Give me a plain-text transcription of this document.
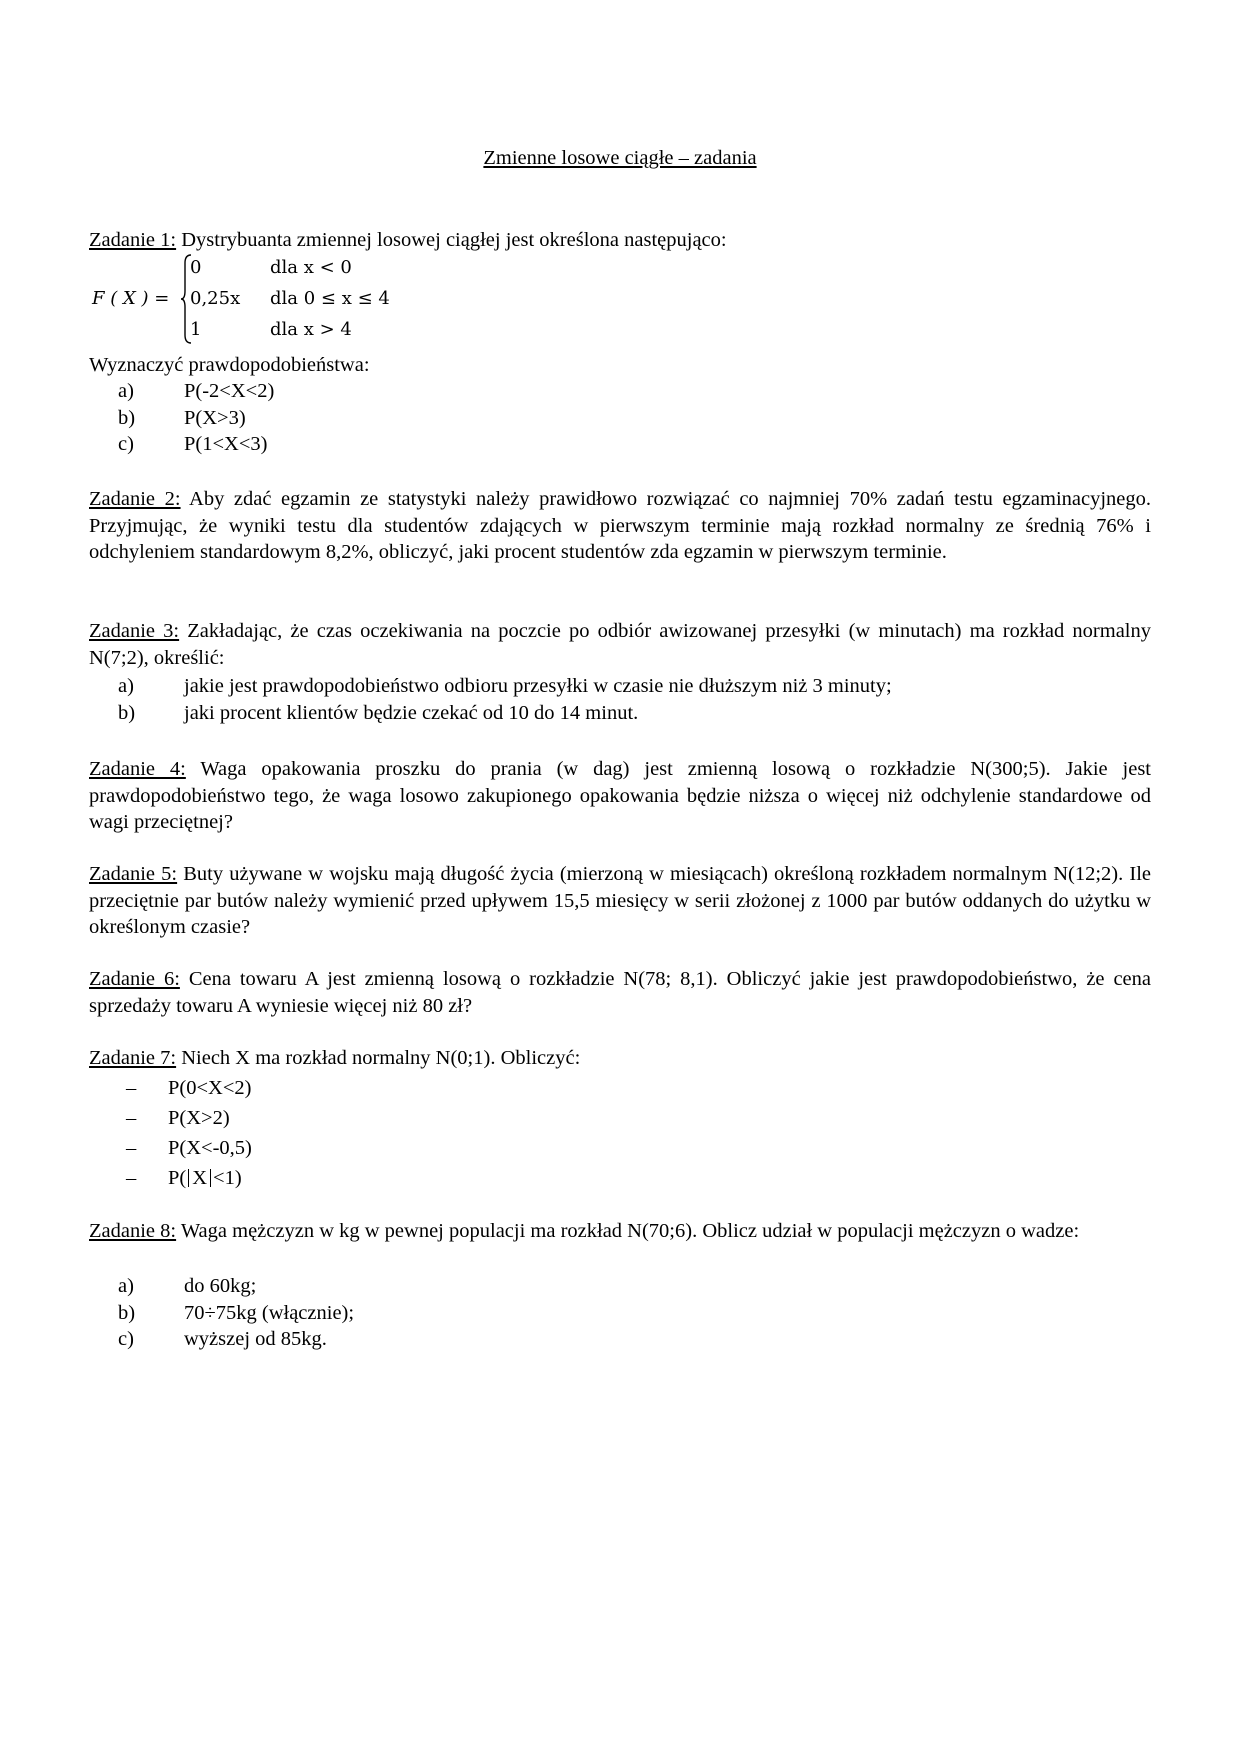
Zmienne losowe ciągłe – zadania
Zadanie 1: Dystrybuanta zmiennej losowej ciągłej jest określona następująco:
F ( X ) =
0	dla x < 0
0,25x dla 0 ≤ x ≤ 4
1	dla x > 4
Wyznaczyć prawdopodobieństwa:
a) P(-2<X<2)
b) P(X>3)
c) P(1<X<3)
Zadanie 2: Aby zdać egzamin ze statystyki należy prawidłowo rozwiązać co najmniej 70% zadań testu egzaminacyjnego. Przyjmując, że wyniki testu dla studentów zdających w pierwszym terminie mają rozkład normalny ze średnią 76% i odchyleniem standardowym 8,2%, obliczyć, jaki procent studentów zda egzamin w pierwszym terminie.
Zadanie 3: Zakładając, że czas oczekiwania na poczcie po odbiór awizowanej przesyłki (w minutach) ma rozkład normalny N(7;2), określić:
a) jakie jest prawdopodobieństwo odbioru przesyłki w czasie nie dłuższym niż 3 minuty;
b) jaki procent klientów będzie czekać od 10 do 14 minut.
Zadanie 4: Waga opakowania proszku do prania (w dag) jest zmienną losową o rozkładzie N(300;5). Jakie jest prawdopodobieństwo tego, że waga losowo zakupionego opakowania będzie niższa o więcej niż odchylenie standardowe od wagi przeciętnej?
Zadanie 5: Buty używane w wojsku mają długość życia (mierzoną w miesiącach) określoną rozkładem normalnym N(12;2). Ile przeciętnie par butów należy wymienić przed upływem 15,5 miesięcy w serii złożonej z 1000 par butów oddanych do użytku w określonym czasie?
Zadanie 6: Cena towaru A jest zmienną losową o rozkładzie N(78; 8,1). Obliczyć jakie jest prawdopodobieństwo, że cena sprzedaży towaru A wyniesie więcej niż 80 zł?
Zadanie 7: Niech X ma rozkład normalny N(0;1). Obliczyć:
– P(0<X<2)
– P(X>2)
– P(X<-0,5)
– P( X <1)
Zadanie 8: Waga mężczyzn w kg w pewnej populacji ma rozkład N(70;6). Oblicz udział w populacji mężczyzn o wadze:
a) do 60kg;
b) 70÷75kg (włącznie);
c) wyższej od 85kg.
